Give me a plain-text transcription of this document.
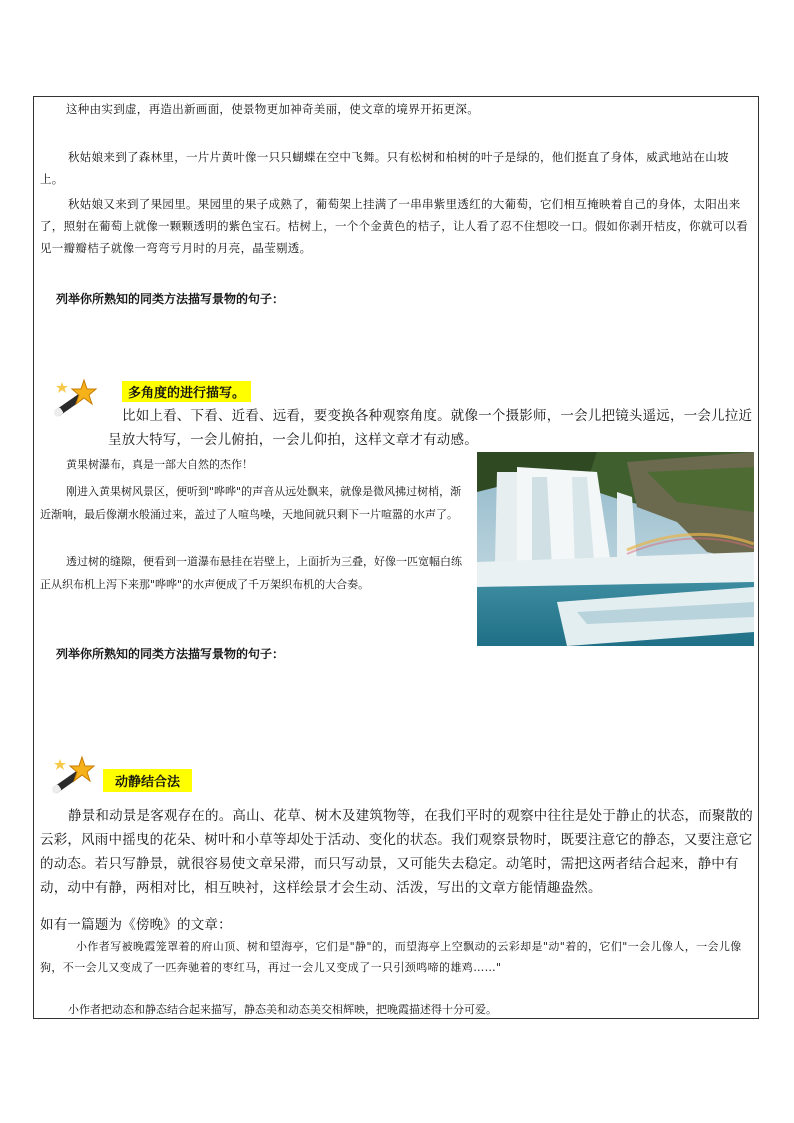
这种由实到虚，再造出新画面，使景物更加神奇美丽，使文章的境界开拓更深。

秋姑娘来到了森林里，一片片黄叶像一只只蝴蝶在空中飞舞。只有松树和柏树的叶子是绿的，他们挺直了身体，威武地站在山坡上。

秋姑娘又来到了果园里。果园里的果子成熟了，葡萄架上挂满了一串串紫里透红的大葡萄，它们相互掩映着自己的身体，太阳出来了，照射在葡萄上就像一颗颗透明的紫色宝石。桔树上，一个个金黄色的桔子，让人看了忍不住想咬一口。假如你剥开桔皮，你就可以看见一瓣瓣桔子就像一弯弯亏月时的月亮，晶莹剔透。

列举你所熟知的同类方法描写景物的句子：

多角度的进行描写。

比如上看、下看、近看、远看，要变换各种观察角度。就像一个摄影师，一会儿把镜头遥远，一会儿拉近呈放大特写，一会儿俯拍，一会儿仰拍，这样文章才有动感。

黄果树瀑布，真是一部大自然的杰作！

刚进入黄果树风景区，便听到"哗哗"的声音从远处飘来，就像是微风拂过树梢，渐近渐响，最后像潮水般涌过来，盖过了人喧鸟噪，天地间就只剩下一片喧嚣的水声了。

透过树的缝隙，便看到一道瀑布悬挂在岩壁上，上面折为三叠，好像一匹宽幅白练正从织布机上泻下来那"哗哗"的水声便成了千万架织布机的大合奏。

列举你所熟知的同类方法描写景物的句子：

动静结合法

静景和动景是客观存在的。高山、花草、树木及建筑物等，在我们平时的观察中往往是处于静止的状态，而聚散的云彩，风雨中摇曳的花朵、树叶和小草等却处于活动、变化的状态。我们观察景物时，既要注意它的静态，又要注意它的动态。若只写静景，就很容易使文章呆滞，而只写动景，又可能失去稳定。动笔时，需把这两者结合起来，静中有动，动中有静，两相对比，相互映衬，这样绘景才会生动、活泼，写出的文章方能情趣盎然。

如有一篇题为《傍晚》的文章：

小作者写被晚霞笼罩着的府山顶、树和望海亭，它们是"静"的，而望海亭上空飘动的云彩却是"动"着的，它们"一会儿像人，一会儿像狗，不一会儿又变成了一匹奔驰着的枣红马，再过一会儿又变成了一只引颈鸣啼的雄鸡……"

小作者把动态和静态结合起来描写，静态美和动态美交相辉映，把晚霞描述得十分可爱。
